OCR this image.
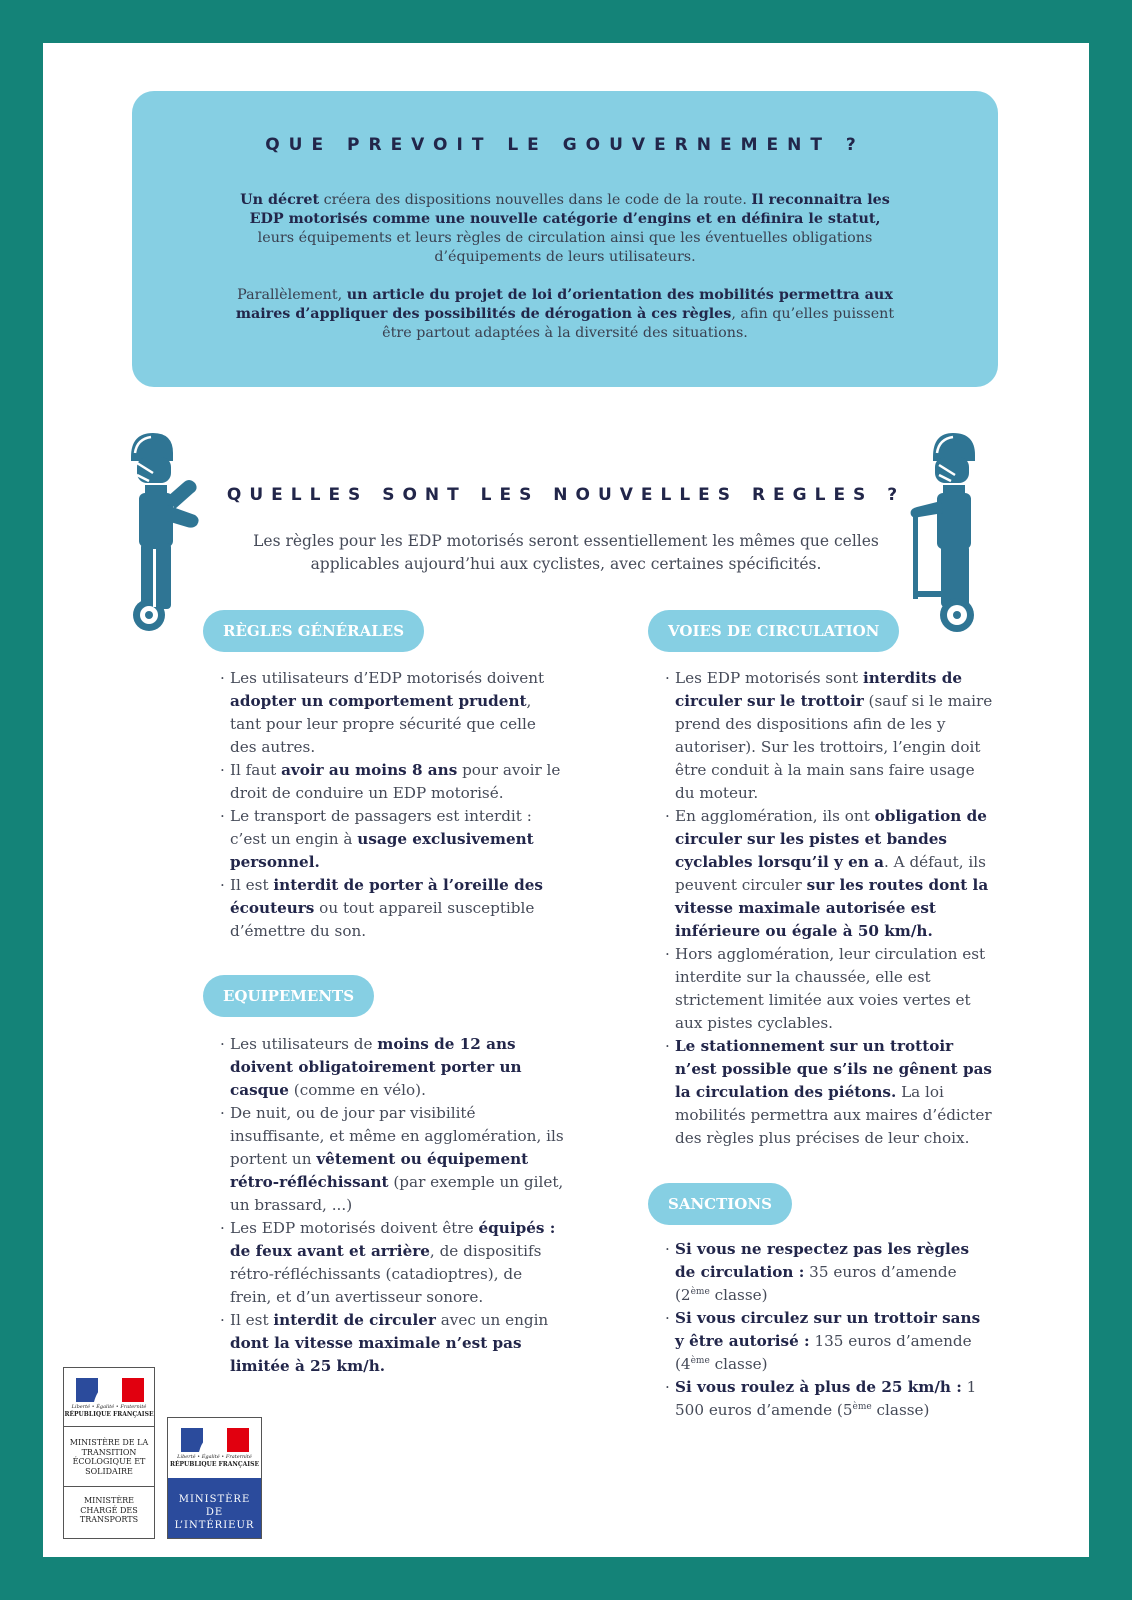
QUE PREVOIT LE GOUVERNEMENT ?

Un décret créera des dispositions nouvelles dans le code de la route. Il reconnaitra les EDP motorisés comme une nouvelle catégorie d’engins et en définira le statut, leurs équipements et leurs règles de circulation ainsi que les éventuelles obligations d’équipements de leurs utilisateurs.

Parallèlement, un article du projet de loi d’orientation des mobilités permettra aux maires d’appliquer des possibilités de dérogation à ces règles, afin qu’elles puissent être partout adaptées à la diversité des situations.

QUELLES SONT LES NOUVELLES REGLES ?
Les règles pour les EDP motorisés seront essentiellement les mêmes que celles applicables aujourd’hui aux cyclistes, avec certaines spécificités.
RÈGLES GÉNÉRALES
· Les utilisateurs d’EDP motorisés doivent adopter un comportement prudent, tant pour leur propre sécurité que celle des autres.
· Il faut avoir au moins 8 ans pour avoir le droit de conduire un EDP motorisé.
· Le transport de passagers est interdit : c’est un engin à usage exclusivement personnel.
· Il est interdit de porter à l’oreille des écouteurs ou tout appareil susceptible d’émettre du son.
EQUIPEMENTS
· Les utilisateurs de moins de 12 ans doivent obligatoirement porter un casque (comme en vélo).
· De nuit, ou de jour par visibilité insuffisante, et même en agglomération, ils portent un vêtement ou équipement rétro-réfléchissant (par exemple un gilet, un brassard, ...)
· Les EDP motorisés doivent être équipés : de feux avant et arrière, de dispositifs rétro-réfléchissants (catadioptres), de frein, et d’un avertisseur sonore.
· Il est interdit de circuler avec un engin dont la vitesse maximale n’est pas limitée à 25 km/h.
VOIES DE CIRCULATION
· Les EDP motorisés sont interdits de circuler sur le trottoir (sauf si le maire prend des dispositions afin de les y autoriser). Sur les trottoirs, l’engin doit être conduit à la main sans faire usage du moteur.
· En agglomération, ils ont obligation de circuler sur les pistes et bandes cyclables lorsqu’il y en a. A défaut, ils peuvent circuler sur les routes dont la vitesse maximale autorisée est inférieure ou égale à 50 km/h.
· Hors agglomération, leur circulation est interdite sur la chaussée, elle est strictement limitée aux voies vertes et aux pistes cyclables.
· Le stationnement sur un trottoir n’est possible que s’ils ne gênent pas la circulation des piétons. La loi mobilités permettra aux maires d’édicter des règles plus précises de leur choix.
SANCTIONS
· Si vous ne respectez pas les règles de circulation : 35 euros d’amende (2ème classe)
· Si vous circulez sur un trottoir sans y être autorisé : 135 euros d’amende (4ème classe)
· Si vous roulez à plus de 25 km/h : 1 500 euros d’amende (5ème classe)
Liberté • Égalité • Fraternité
RÉPUBLIQUE FRANÇAISE
MINISTÈRE DE LA TRANSITION ÉCOLOGIQUE ET SOLIDAIRE
MINISTÈRE CHARGÉ DES TRANSPORTS
Liberté • Égalité • Fraternité
RÉPUBLIQUE FRANÇAISE
MINISTÈRE DE L’INTÉRIEUR
